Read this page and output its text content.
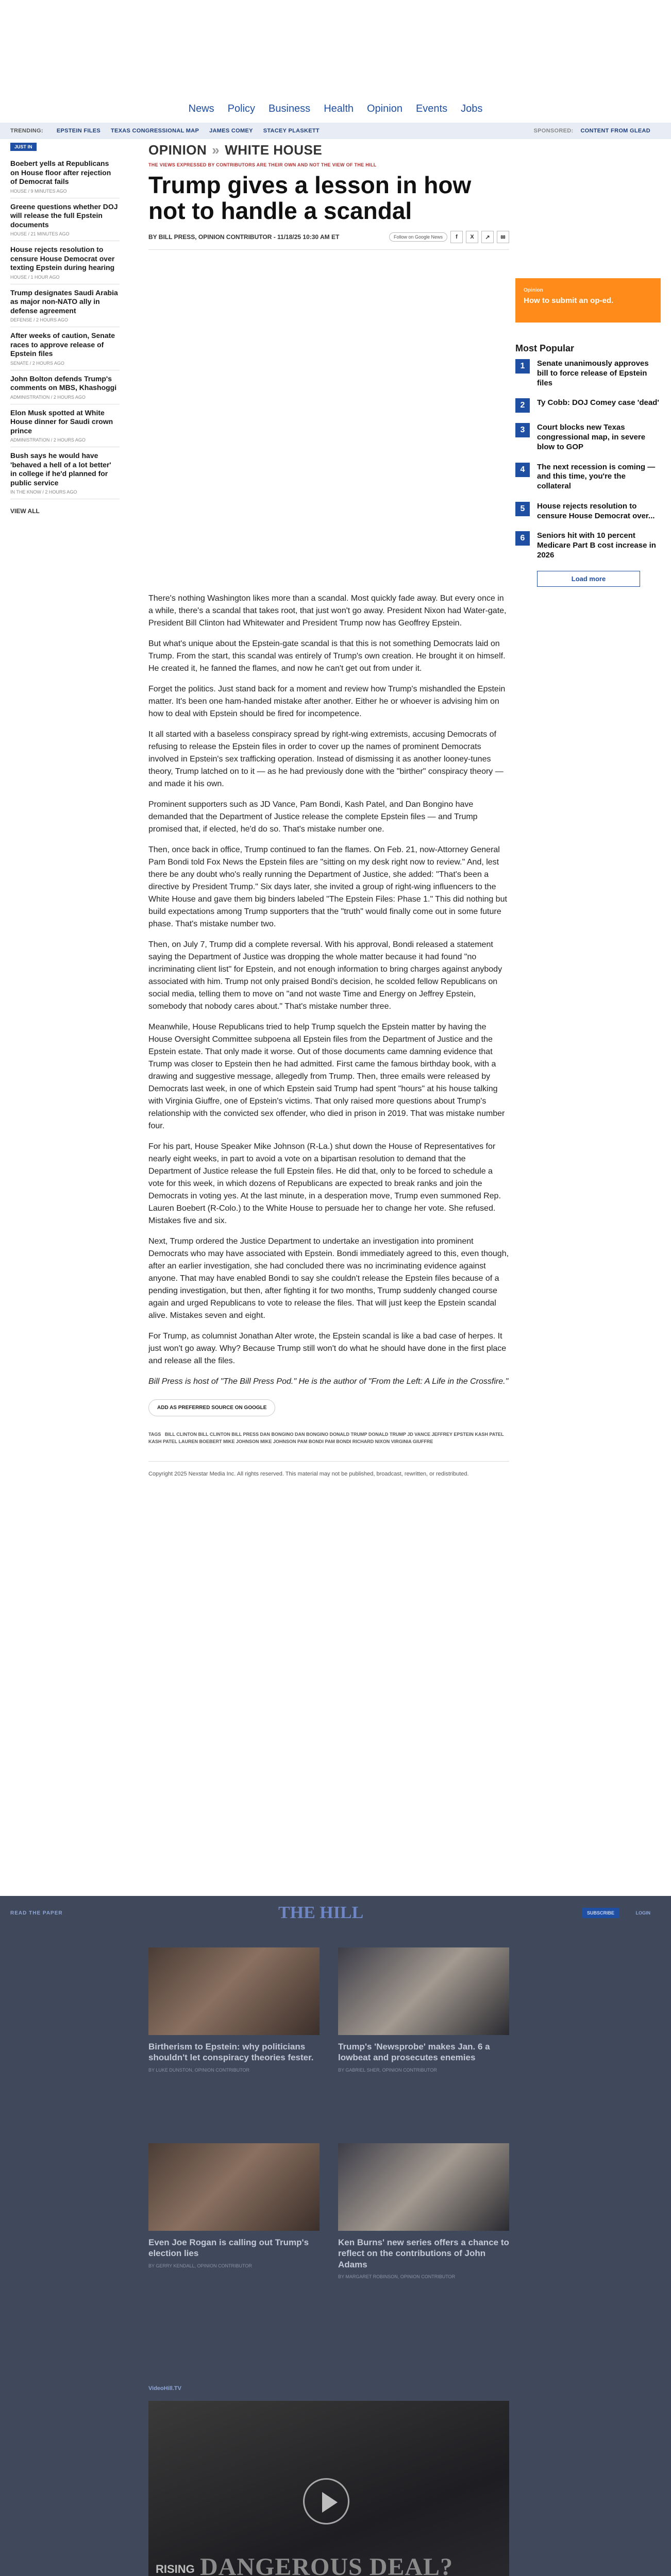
News Policy Business Health Opinion Events Jobs
TRENDING: EPSTEIN FILES TEXAS CONGRESSIONAL MAP JAMES COMEY STACEY PLASKETT	SPONSORED: CONTENT FROM GLEAD
JUST IN
Boebert yells at Republicans on House floor after rejection of Democrat fails
HOUSE / 9 MINUTES AGO
Greene questions whether DOJ will release the full Epstein documents
HOUSE / 21 MINUTES AGO
House rejects resolution to censure House Democrat over texting Epstein during hearing
HOUSE / 1 HOUR AGO
Trump designates Saudi Arabia as major non-NATO ally in defense agreement
DEFENSE / 2 HOURS AGO
After weeks of caution, Senate races to approve release of Epstein files
SENATE / 2 HOURS AGO
John Bolton defends Trump's comments on MBS, Khashoggi
ADMINISTRATION / 2 HOURS AGO
Elon Musk spotted at White House dinner for Saudi crown prince
ADMINISTRATION / 2 HOURS AGO
Bush says he would have 'behaved a hell of a lot better' in college if he'd planned for public service
IN THE KNOW / 2 HOURS AGO
VIEW ALL
OPINION » WHITE HOUSE
THE VIEWS EXPRESSED BY CONTRIBUTORS ARE THEIR OWN AND NOT THE VIEW OF THE HILL
Trump gives a lesson in how not to handle a scandal
BY BILL PRESS, OPINION CONTRIBUTOR - 11/18/25 10:30 AM ET	Follow on Google News	f	X	↗	✉
Opinion
How to submit an op-ed.
Most Popular
1	Senate unanimously approves bill to force release of Epstein files
2	Ty Cobb: DOJ Comey case 'dead'
3	Court blocks new Texas congressional map, in severe blow to GOP
4	The next recession is coming — and this time, you're the collateral
5	House rejects resolution to censure House Democrat over...
6	Seniors hit with 10 percent Medicare Part B cost increase in 2026
Load more

There's nothing Washington likes more than a scandal. Most quickly fade away. But every once in a while, there's a scandal that takes root, that just won't go away. President Nixon had Water-gate, President Bill Clinton had Whitewater and President Trump now has Geoffrey Epstein.

But what's unique about the Epstein-gate scandal is that this is not something Democrats laid on Trump. From the start, this scandal was entirely of Trump's own creation. He brought it on himself. He created it, he fanned the flames, and now he can't get out from under it.

Forget the politics. Just stand back for a moment and review how Trump's mishandled the Epstein matter. It's been one ham-handed mistake after another. Either he or whoever is advising him on how to deal with Epstein should be fired for incompetence.

It all started with a baseless conspiracy spread by right-wing extremists, accusing Democrats of refusing to release the Epstein files in order to cover up the names of prominent Democrats involved in Epstein's sex trafficking operation. Instead of dismissing it as another looney-tunes theory, Trump latched on to it — as he had previously done with the "birther" conspiracy theory — and made it his own.

Prominent supporters such as JD Vance, Pam Bondi, Kash Patel, and Dan Bongino have demanded that the Department of Justice release the complete Epstein files — and Trump promised that, if elected, he'd do so. That's mistake number one.

Then, once back in office, Trump continued to fan the flames. On Feb. 21, now-Attorney General Pam Bondi told Fox News the Epstein files are "sitting on my desk right now to review." And, lest there be any doubt who's really running the Department of Justice, she added: "That's been a directive by President Trump." Six days later, she invited a group of right-wing influencers to the White House and gave them big binders labeled "The Epstein Files: Phase 1." This did nothing but build expectations among Trump supporters that the "truth" would finally come out in some future phase. That's mistake number two.

Then, on July 7, Trump did a complete reversal. With his approval, Bondi released a statement saying the Department of Justice was dropping the whole matter because it had found "no incriminating client list" for Epstein, and not enough information to bring charges against anybody associated with him. Trump not only praised Bondi's decision, he scolded fellow Republicans on social media, telling them to move on "and not waste Time and Energy on Jeffrey Epstein, somebody that nobody cares about." That's mistake number three.

Meanwhile, House Republicans tried to help Trump squelch the Epstein matter by having the House Oversight Committee subpoena all Epstein files from the Department of Justice and the Epstein estate. That only made it worse. Out of those documents came damning evidence that Trump was closer to Epstein then he had admitted. First came the famous birthday book, with a drawing and suggestive message, allegedly from Trump. Then, three emails were released by Democrats last week, in one of which Epstein said Trump had spent "hours" at his house talking with Virginia Giuffre, one of Epstein's victims. That only raised more questions about Trump's relationship with the convicted sex offender, who died in prison in 2019. That was mistake number four.

For his part, House Speaker Mike Johnson (R-La.) shut down the House of Representatives for nearly eight weeks, in part to avoid a vote on a bipartisan resolution to demand that the Department of Justice release the full Epstein files. He did that, only to be forced to schedule a vote for this week, in which dozens of Republicans are expected to break ranks and join the Democrats in voting yes. At the last minute, in a desperation move, Trump even summoned Rep. Lauren Boebert (R-Colo.) to the White House to persuade her to change her vote. She refused. Mistakes five and six.

Next, Trump ordered the Justice Department to undertake an investigation into prominent Democrats who may have associated with Epstein. Bondi immediately agreed to this, even though, after an earlier investigation, she had concluded there was no incriminating evidence against anyone. That may have enabled Bondi to say she couldn't release the Epstein files because of a pending investigation, but then, after fighting it for two months, Trump suddenly changed course again and urged Republicans to vote to release the files. That will just keep the Epstein scandal alive. Mistakes seven and eight.

For Trump, as columnist Jonathan Alter wrote, the Epstein scandal is like a bad case of herpes. It just won't go away. Why? Because Trump still won't do what he should have done in the first place and release all the files.

Bill Press is host of "The Bill Press Pod." He is the author of "From the Left: A Life in the Crossfire."

ADD AS PREFERRED SOURCE ON GOOGLE
TAGS BILL CLINTON BILL CLINTON BILL PRESS DAN BONGINO DAN BONGINO DONALD TRUMP DONALD TRUMP JD VANCE JEFFREY EPSTEIN KASH PATEL KASH PATEL LAUREN BOEBERT MIKE JOHNSON MIKE JOHNSON PAM BONDI PAM BONDI RICHARD NIXON VIRGINIA GIUFFRE
Copyright 2025 Nexstar Media Inc. All rights reserved. This material may not be published, broadcast, rewritten, or redistributed.
READ THE PAPER	THE HILL	SUBSCRIBE	LOGIN
Birtherism to Epstein: why politicians shouldn't let conspiracy theories fester.
BY LUKE DUNSTON, OPINION CONTRIBUTOR
Trump's 'Newsprobe' makes Jan. 6 a lowbeat and prosecutes enemies
BY GABRIEL SHER, OPINION CONTRIBUTOR
Even Joe Rogan is calling out Trump's election lies
BY GERRY KENDALL, OPINION CONTRIBUTOR
Ken Burns' new series offers a chance to reflect on the contributions of John Adams
BY MARGARET ROBINSON, OPINION CONTRIBUTOR
VideoHill.TV
RISING DANGEROUS DEAL?
